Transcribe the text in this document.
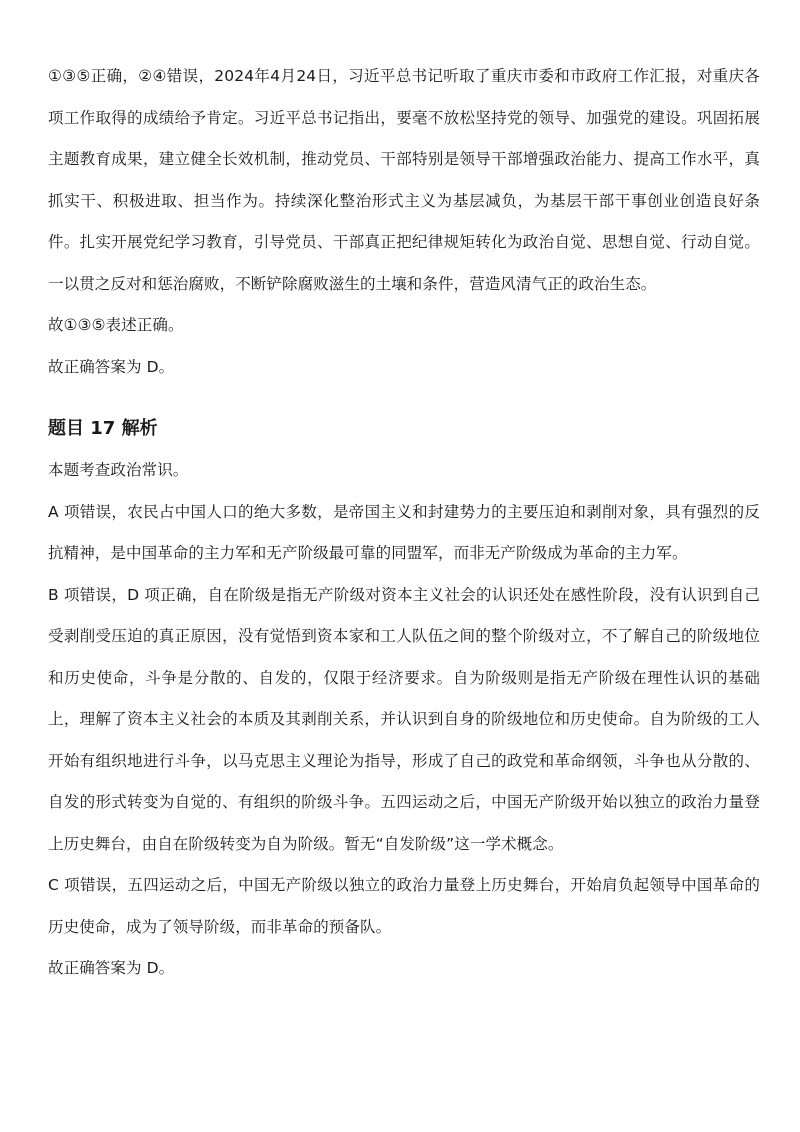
①③⑤正确，②④错误，2024年4月24日，习近平总书记听取了重庆市委和市政府工作汇报，对重庆各项工作取得的成绩给予肯定。习近平总书记指出，要毫不放松坚持党的领导、加强党的建设。巩固拓展主题教育成果，建立健全长效机制，推动党员、干部特别是领导干部增强政治能力、提高工作水平，真抓实干、积极进取、担当作为。持续深化整治形式主义为基层减负，为基层干部干事创业创造良好条件。扎实开展党纪学习教育，引导党员、干部真正把纪律规矩转化为政治自觉、思想自觉、行动自觉。一以贯之反对和惩治腐败，不断铲除腐败滋生的土壤和条件，营造风清气正的政治生态。

故①③⑤表述正确。

故正确答案为 D。

题目 17 解析

本题考查政治常识。

A 项错误，农民占中国人口的绝大多数，是帝国主义和封建势力的主要压迫和剥削对象，具有强烈的反抗精神，是中国革命的主力军和无产阶级最可靠的同盟军，而非无产阶级成为革命的主力军。

B 项错误，D 项正确，自在阶级是指无产阶级对资本主义社会的认识还处在感性阶段，没有认识到自己受剥削受压迫的真正原因，没有觉悟到资本家和工人队伍之间的整个阶级对立，不了解自己的阶级地位和历史使命，斗争是分散的、自发的，仅限于经济要求。自为阶级则是指无产阶级在理性认识的基础上，理解了资本主义社会的本质及其剥削关系，并认识到自身的阶级地位和历史使命。自为阶级的工人开始有组织地进行斗争，以马克思主义理论为指导，形成了自己的政党和革命纲领，斗争也从分散的、自发的形式转变为自觉的、有组织的阶级斗争。五四运动之后，中国无产阶级开始以独立的政治力量登上历史舞台，由自在阶级转变为自为阶级。暂无“自发阶级”这一学术概念。

C 项错误，五四运动之后，中国无产阶级以独立的政治力量登上历史舞台，开始肩负起领导中国革命的历史使命，成为了领导阶级，而非革命的预备队。

故正确答案为 D。
